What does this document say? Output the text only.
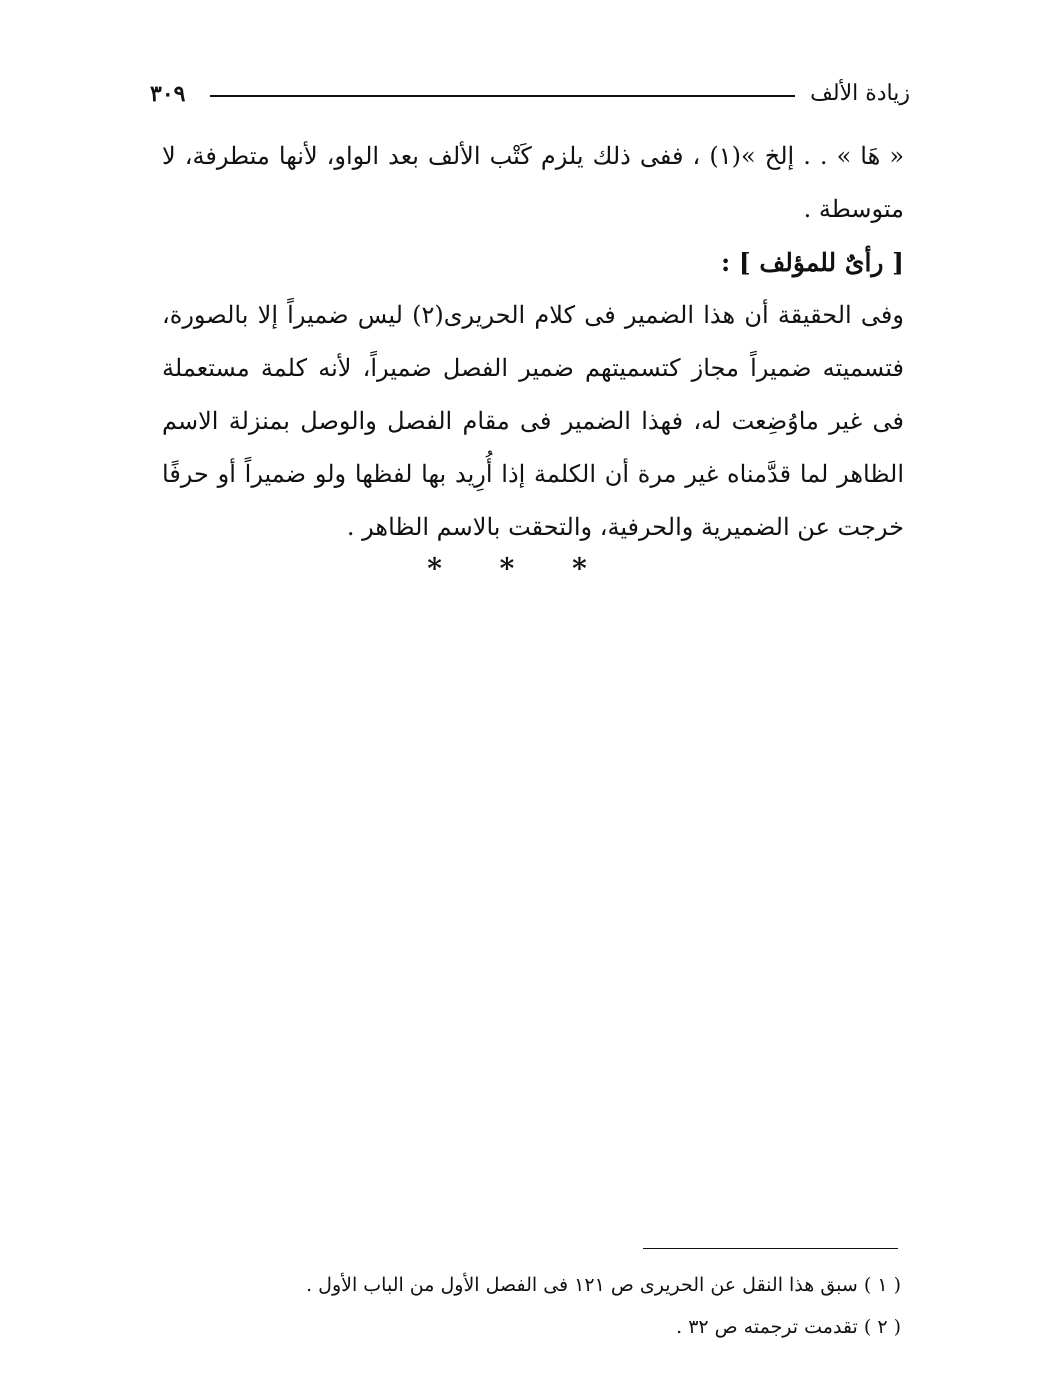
زيادة الألف
٣٠٩
« هَا » . . إلخ »(١) ، ففى ذلك يلزم كَتْب الألف بعد الواو، لأنها متطرفة، لا
متوسطة .
[ رأىٌ للمؤلف ] :
وفى الحقيقة أن هذا الضمير فى كلام الحريرى(٢) ليس ضميراً إلا بالصورة،
فتسميته ضميراً مجاز كتسميتهم ضمير الفصل ضميراً، لأنه كلمة مستعملة
فى غير ماوُضِعت له، فهذا الضمير فى مقام الفصل والوصل بمنزلة الاسم
الظاهر لما قدَّمناه غير مرة أن الكلمة إذا أُرِيد بها لفظها ولو ضميراً أو حرفًا
خرجت عن الضميرية والحرفية، والتحقت بالاسم الظاهر .
* * *
( ١ ) سبق هذا النقل عن الحريرى ص ١٢١ فى الفصل الأول من الباب الأول .
( ٢ ) تقدمت ترجمته ص ٣٢ .
